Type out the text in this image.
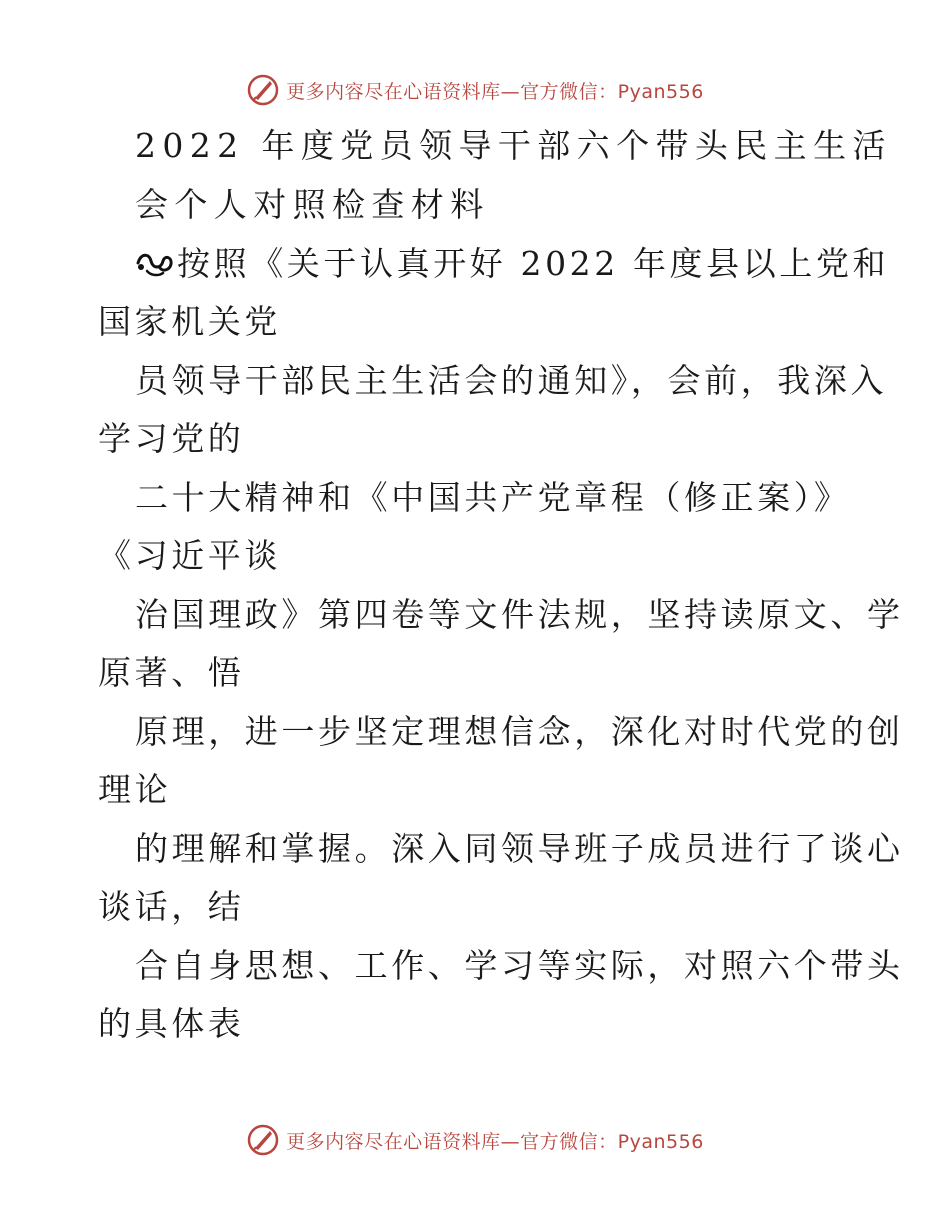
更多内容尽在心语资料库—官方微信：Pyan556
2022 年度党员领导干部六个带头民主生活
会个人对照检查材料
按照《关于认真开好 2022 年度县以上党和
国家机关党
员领导干部民主生活会的通知》，会前，我深入
学习党的
二十大精神和《中国共产党章程（修正案）》
《习近平谈
治国理政》第四卷等文件法规，坚持读原文、学
原著、悟
原理，进一步坚定理想信念，深化对时代党的创
理论
的理解和掌握。深入同领导班子成员进行了谈心
谈话，结
合自身思想、工作、学习等实际，对照六个带头
的具体表
更多内容尽在心语资料库—官方微信：Pyan556
